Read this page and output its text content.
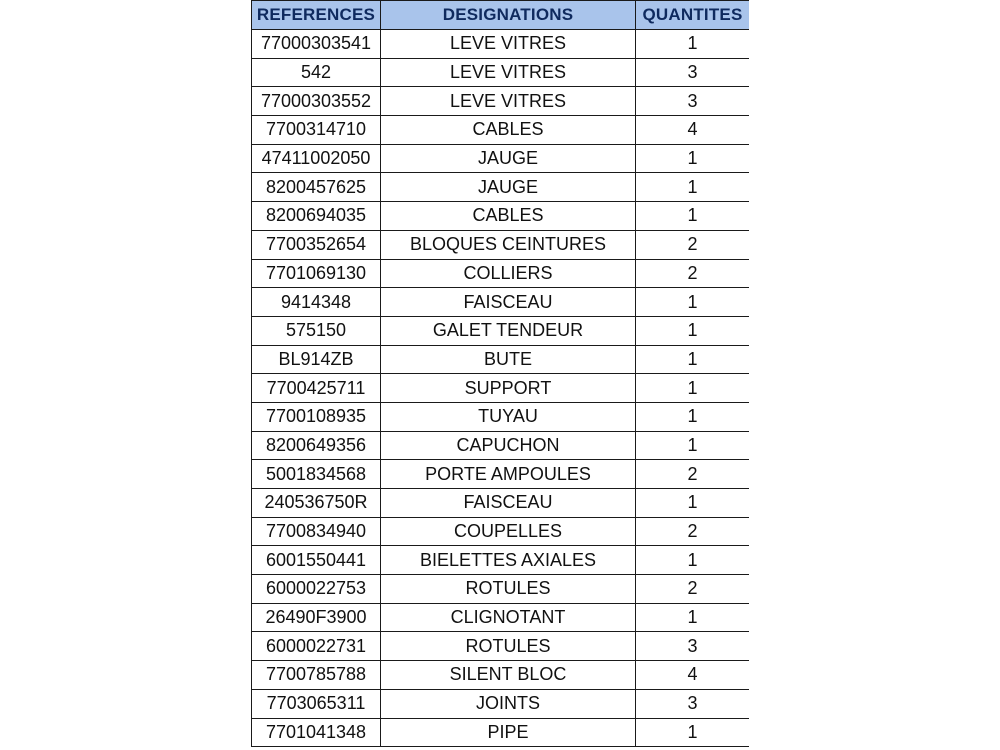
REFERENCES	DESIGNATIONS	QUANTITES
77000303541	LEVE VITRES	1
542	LEVE VITRES	3
77000303552	LEVE VITRES	3
7700314710	CABLES	4
47411002050	JAUGE	1
8200457625	JAUGE	1
8200694035	CABLES	1
7700352654	BLOQUES CEINTURES	2
7701069130	COLLIERS	2
9414348	FAISCEAU	1
575150	GALET TENDEUR	1
BL914ZB	BUTE	1
7700425711	SUPPORT	1
7700108935	TUYAU	1
8200649356	CAPUCHON	1
5001834568	PORTE AMPOULES	2
240536750R	FAISCEAU	1
7700834940	COUPELLES	2
6001550441	BIELETTES AXIALES	1
6000022753	ROTULES	2
26490F3900	CLIGNOTANT	1
6000022731	ROTULES	3
7700785788	SILENT BLOC	4
7703065311	JOINTS	3
7701041348	PIPE	1
